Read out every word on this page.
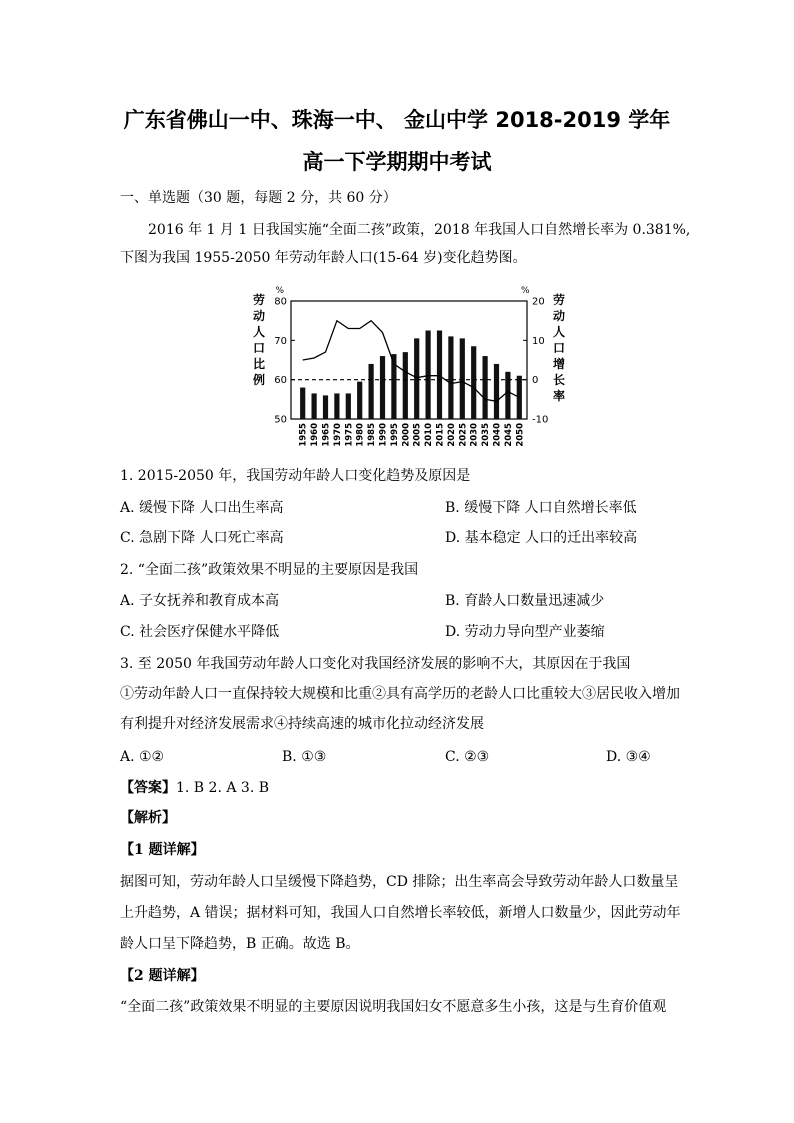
广东省佛山一中、珠海一中、 金山中学 2018-2019 学年
高一下学期期中考试
一、单选题（30 题，每题 2 分，共 60 分）
2016 年 1 月 1 日我国实施“全面二孩”政策，2018 年我国人口自然增长率为 0.381%,
下图为我国 1955-2050 年劳动年龄人口(15-64 岁)变化趋势图。
80
70
60
50
20
10
0
-10
%	%
劳
动
人
口
比
例
劳
动
人
口
增
长
率
1955 1960 1965 1970 1975 1980 1985 1990 1995 2000 2005 2010 2015 2020 2025 2030 2035 2040 2045 2050
1. 2015-2050 年，我国劳动年龄人口变化趋势及原因是
A. 缓慢下降 人口出生率高	B. 缓慢下降 人口自然增长率低
C. 急剧下降 人口死亡率高	D. 基本稳定 人口的迁出率较高
2. “全面二孩”政策效果不明显的主要原因是我国
A. 子女抚养和教育成本高	B. 育龄人口数量迅速减少
C. 社会医疗保健水平降低	D. 劳动力导向型产业萎缩
3. 至 2050 年我国劳动年龄人口变化对我国经济发展的影响不大，其原因在于我国
①劳动年龄人口一直保持较大规模和比重②具有高学历的老龄人口比重较大③居民收入增加
有利提升对经济发展需求④持续高速的城市化拉动经济发展
A. ①②	B. ①③	C. ②③	D. ③④
【答案】1. B 2. A 3. B
【解析】
【1 题详解】
据图可知，劳动年龄人口呈缓慢下降趋势，CD 排除；出生率高会导致劳动年龄人口数量呈
上升趋势，A 错误；据材料可知，我国人口自然增长率较低，新增人口数量少，因此劳动年
龄人口呈下降趋势，B 正确。故选 B。
【2 题详解】
“全面二孩”政策效果不明显的主要原因说明我国妇女不愿意多生小孩，这是与生育价值观
